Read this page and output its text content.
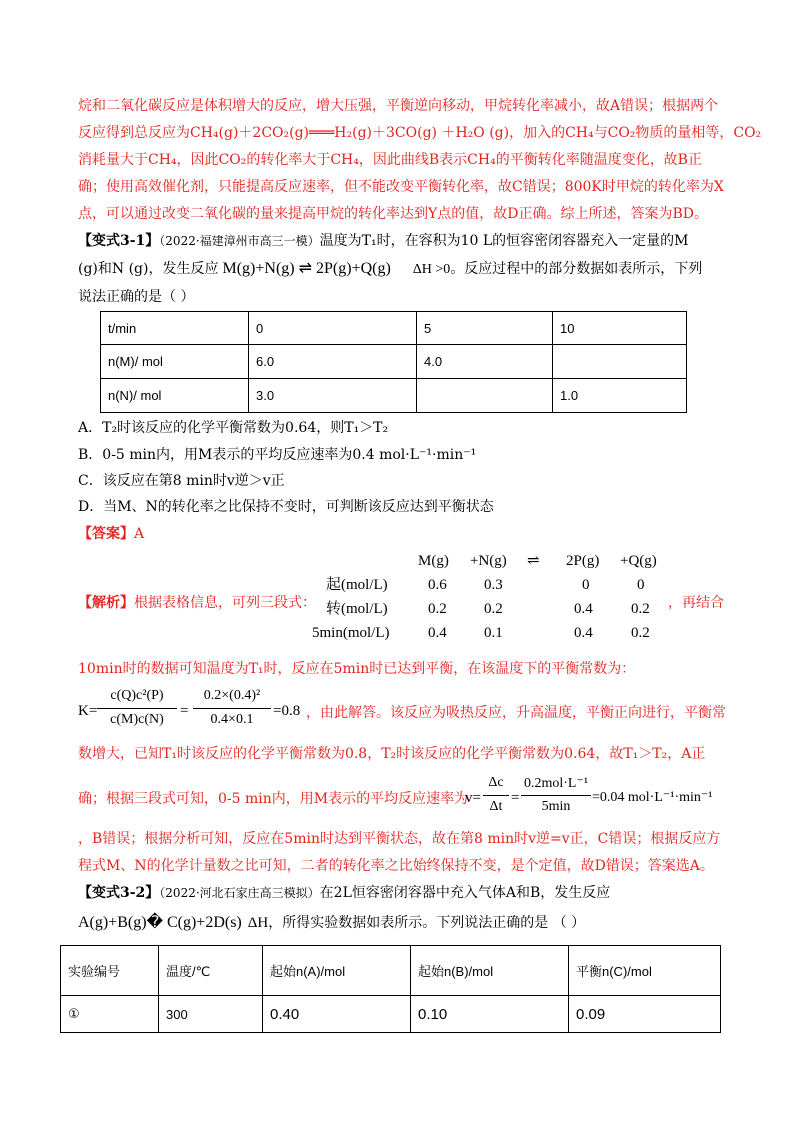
烷和二氧化碳反应是体积增大的反应，增大压强，平衡逆向移动，甲烷转化率减小，故A错误；根据两个
反应得到总反应为CH₄(g)＋2CO₂(g)═══H₂(g)＋3CO(g) ＋H₂O (g)，加入的CH₄与CO₂物质的量相等，CO₂
消耗量大于CH₄，因此CO₂的转化率大于CH₄，因此曲线B表示CH₄的平衡转化率随温度变化，故B正
确；使用高效催化剂，只能提高反应速率，但不能改变平衡转化率，故C错误；800K时甲烷的转化率为X
点，可以通过改变二氧化碳的量来提高甲烷的转化率达到Y点的值，故D正确。综上所述，答案为BD。
【变式3-1】（2022·福建漳州市高三一模）温度为T₁时，在容积为10 L的恒容密闭容器充入一定量的M
(g)和N (g)，发生反应 M(g)+N(g) ⇌ 2P(g)+Q(g) ΔH >0。反应过程中的部分数据如表所示，下列
说法正确的是（ ）
t/min	0	5	10
n(M)/ mol	6.0	4.0	
n(N)/ mol	3.0		1.0
A．T₂时该反应的化学平衡常数为0.64，则T₁＞T₂
B．0-5 min内，用M表示的平均反应速率为0.4 mol·L⁻¹·min⁻¹
C．该反应在第8 min时v逆＞v正
D．当M、N的转化率之比保持不变时，可判断该反应达到平衡状态
【答案】A
【解析】根据表格信息，可列三段式：
M(g) +N(g) ⇌ 2P(g) +Q(g)
起(mol/L)	0.6 0.3	0	0
转(mol/L)	0.2 0.2	0.4	0.2
5min(mol/L)	0.4 0.1	0.4	0.2
，再结合
10min时的数据可知温度为T₁时，反应在5min时已达到平衡，在该温度下的平衡常数为：
K=
c(Q)c²(P)
c(M)c(N)
=
0.2×(0.4)²
0.4×0.1
=0.8 ，由此解答。该反应为吸热反应，升高温度，平衡正向进行，平衡常
数增大，已知T₁时该反应的化学平衡常数为0.8，T₂时该反应的化学平衡常数为0.64，故T₁＞T₂，A正
确；根据三段式可知，0-5 min内，用M表示的平均反应速率为
v=
Δc
Δt
=
0.2mol·L⁻¹
5min
=0.04 mol·L⁻¹·min⁻¹
，B错误；根据分析可知，反应在5min时达到平衡状态，故在第8 min时v逆=v正，C错误；根据反应方
程式M、N的化学计量数之比可知，二者的转化率之比始终保持不变，是个定值，故D错误；答案选A。
【变式3-2】（2022·河北石家庄高三模拟）在2L恒容密闭容器中充入气体A和B，发生反应
A(g)+B(g)� C(g)+2D(s) ΔH，所得实验数据如表所示。下列说法正确的是 （ ）
实验编号	温度/℃	起始n(A)/mol	起始n(B)/mol	平衡n(C)/mol
①	300	0.40	0.10	0.09
